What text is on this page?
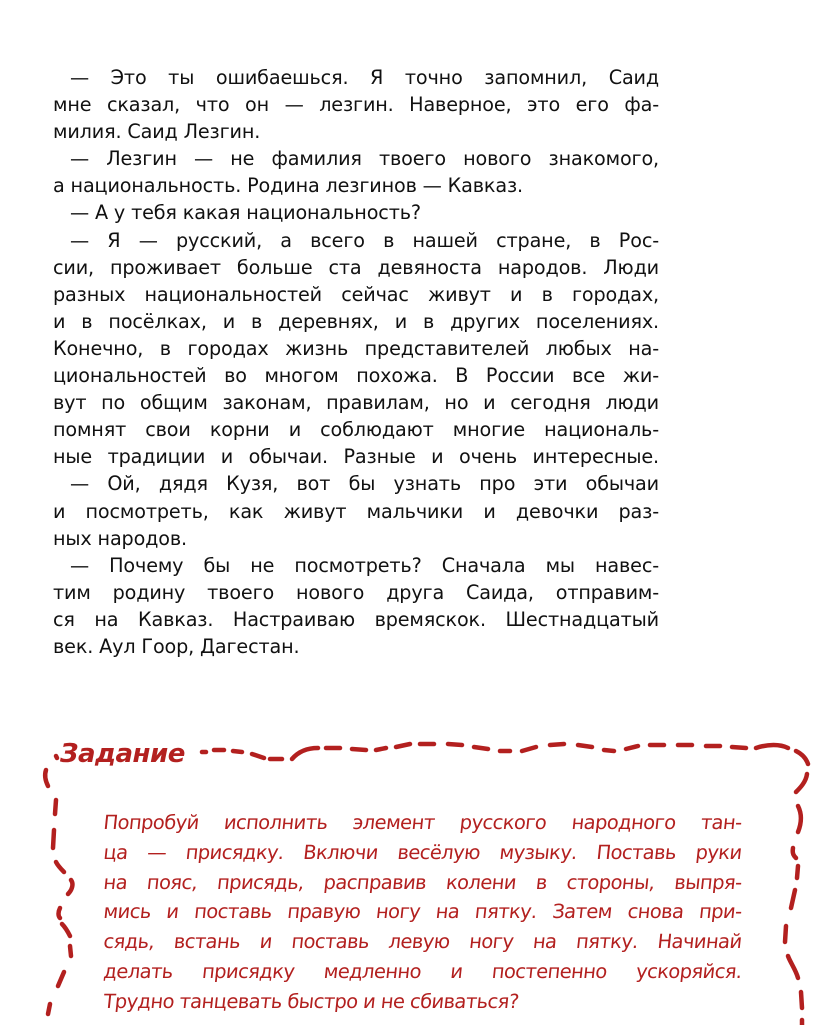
— Это ты ошибаешься. Я точно запомнил, Саид
мне сказал, что он — лезгин. Наверное, это его фа-
милия. Саид Лезгин.
— Лезгин — не фамилия твоего нового знакомого,
а национальность. Родина лезгинов — Кавказ.
— А у тебя какая национальность?
— Я — русский, а всего в нашей стране, в Рос-
сии, проживает больше ста девяноста народов. Люди
разных национальностей сейчас живут и в городах,
и в посёлках, и в деревнях, и в других поселениях.
Конечно, в городах жизнь представителей любых на-
циональностей во многом похожа. В России все жи-
вут по общим законам, правилам, но и сегодня люди
помнят свои корни и соблюдают многие националь-
ные традиции и обычаи. Разные и очень интересные.
— Ой, дядя Кузя, вот бы узнать про эти обычаи
и посмотреть, как живут мальчики и девочки раз-
ных народов.
— Почему бы не посмотреть? Сначала мы навес-
тим родину твоего нового друга Саида, отправим-
ся на Кавказ. Настраиваю времяскок. Шестнадцатый
век. Аул Гоор, Дагестан.
Задание
Попробуй исполнить элемент русского народного тан-
ца — присядку. Включи весёлую музыку. Поставь руки
на пояс, присядь, расправив колени в стороны, выпря-
мись и поставь правую ногу на пятку. Затем снова при-
сядь, встань и поставь левую ногу на пятку. Начинай
делать присядку медленно и постепенно ускоряйся.
Трудно танцевать быстро и не сбиваться?
